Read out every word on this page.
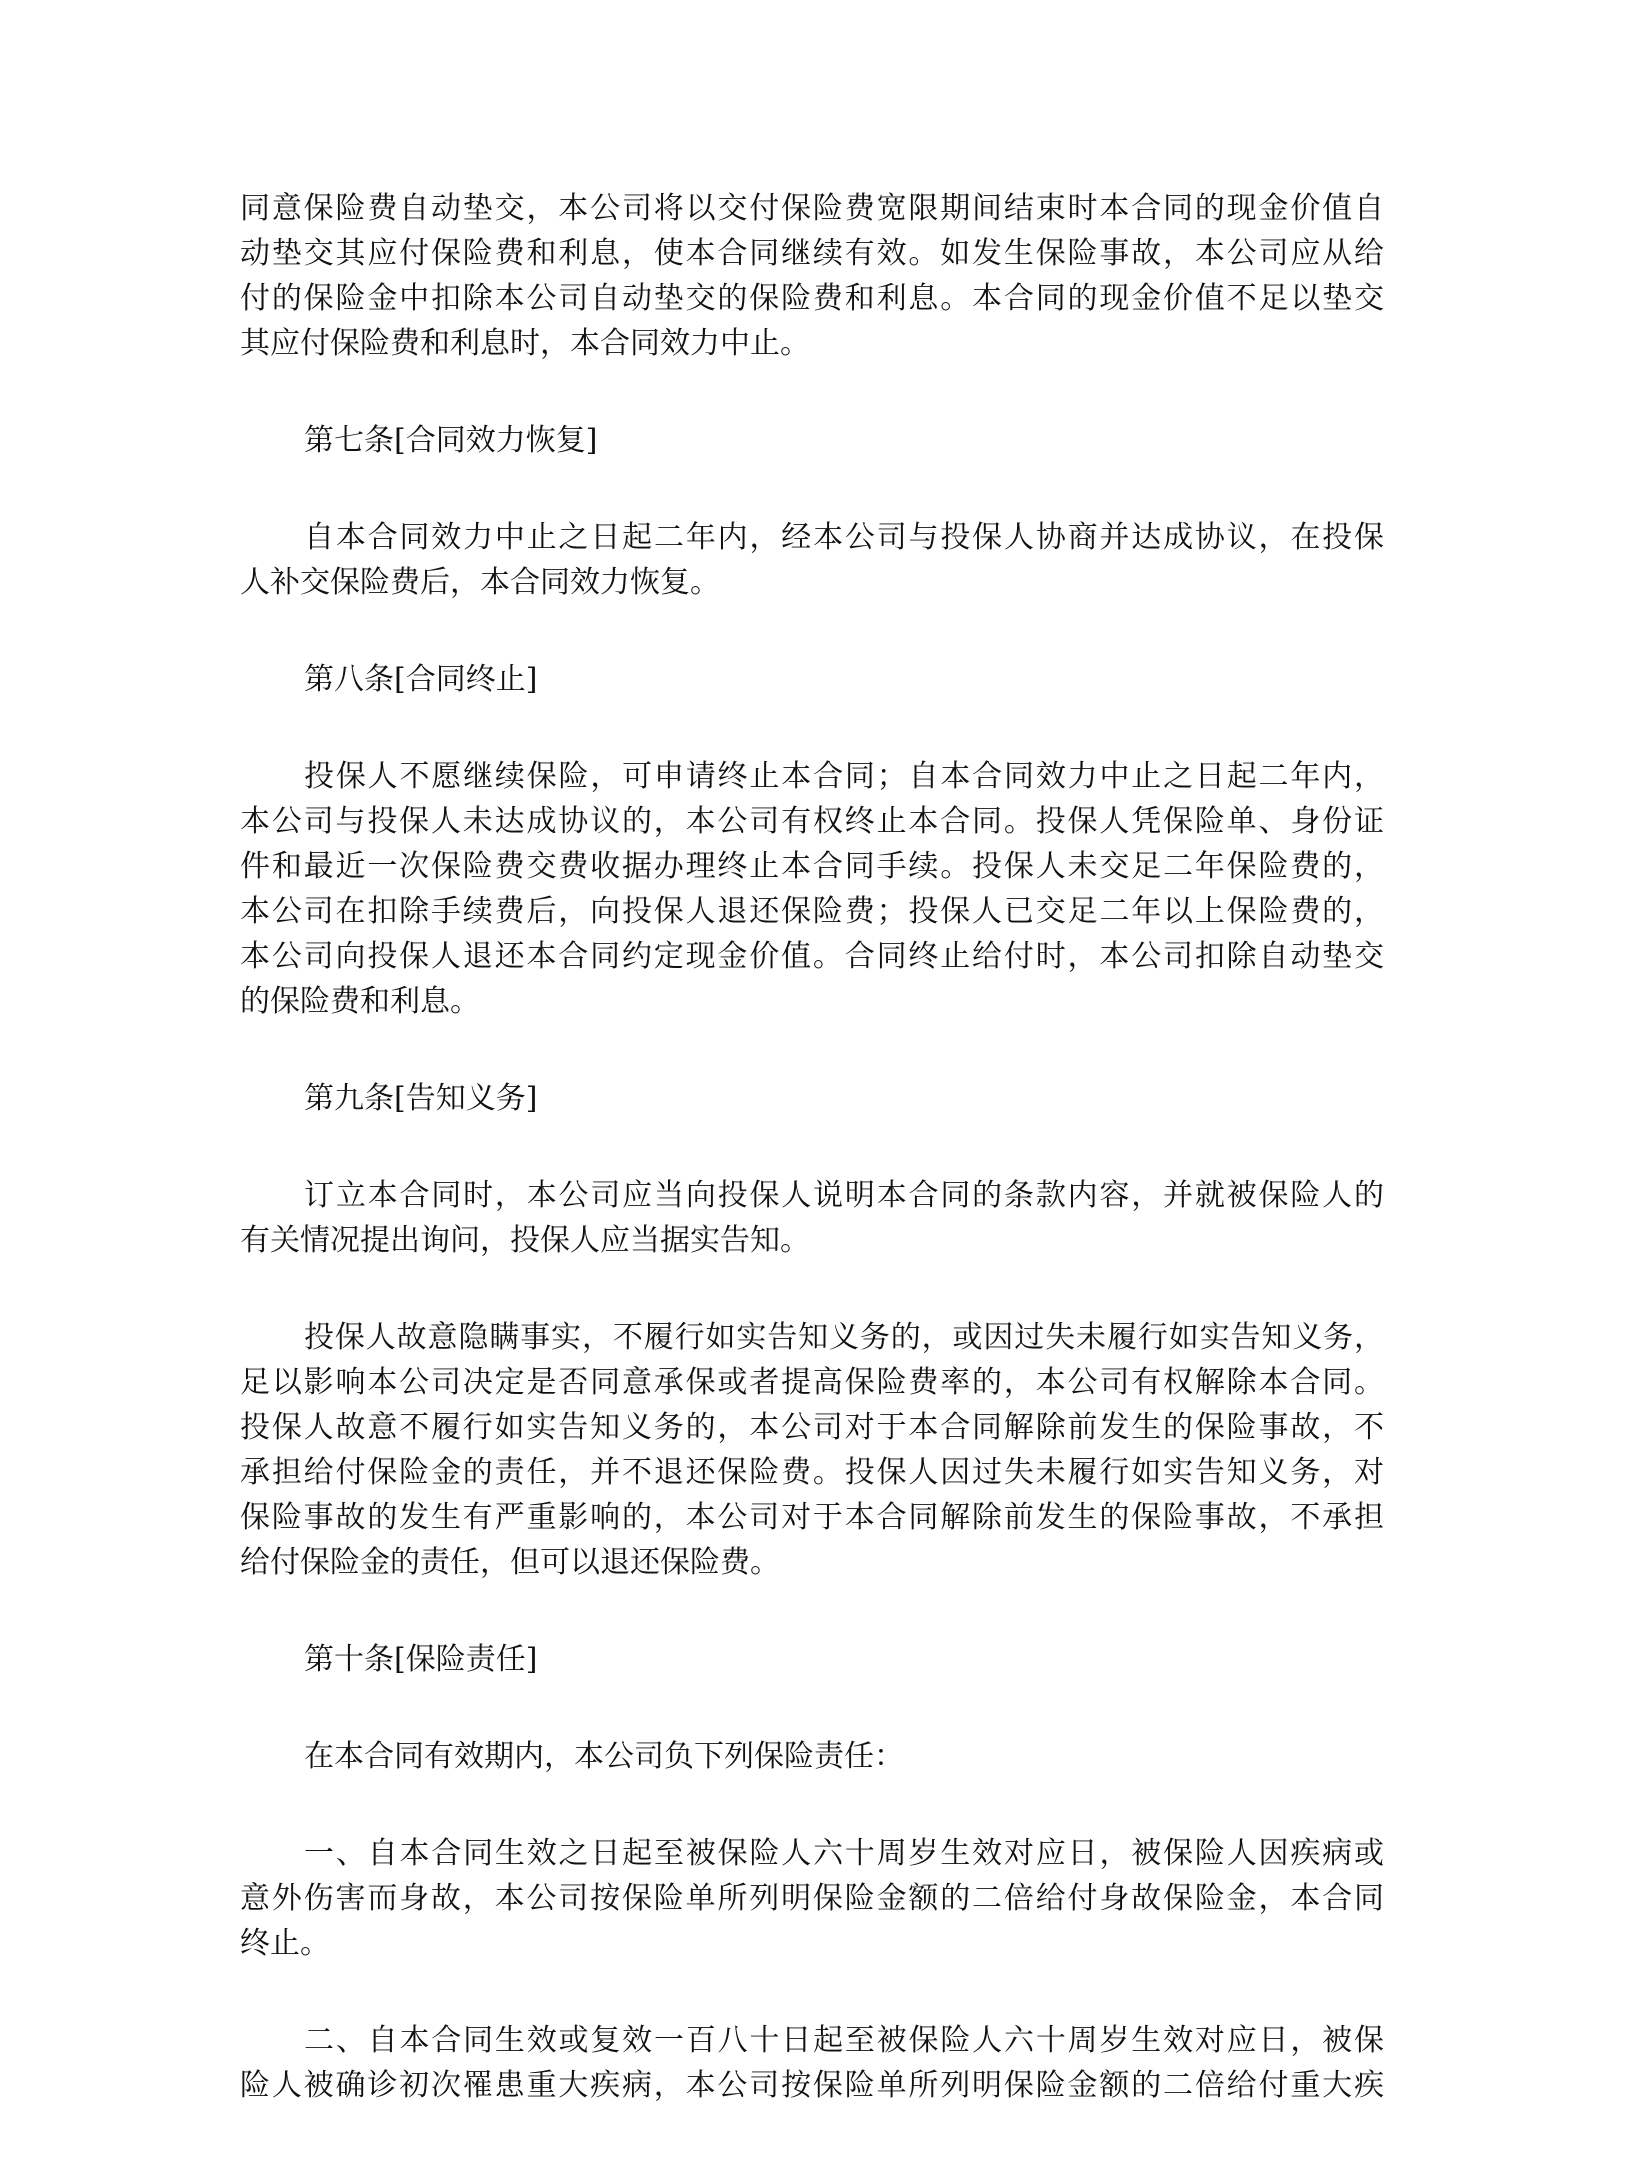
同意保险费自动垫交，本公司将以交付保险费宽限期间结束时本合同的现金价值自
动垫交其应付保险费和利息，使本合同继续有效。如发生保险事故，本公司应从给
付的保险金中扣除本公司自动垫交的保险费和利息。本合同的现金价值不足以垫交
其应付保险费和利息时，本合同效力中止。
第七条[合同效力恢复]
自本合同效力中止之日起二年内，经本公司与投保人协商并达成协议，在投保
人补交保险费后，本合同效力恢复。
第八条[合同终止]
投保人不愿继续保险，可申请终止本合同；自本合同效力中止之日起二年内，
本公司与投保人未达成协议的，本公司有权终止本合同。投保人凭保险单、身份证
件和最近一次保险费交费收据办理终止本合同手续。投保人未交足二年保险费的，
本公司在扣除手续费后，向投保人退还保险费；投保人已交足二年以上保险费的，
本公司向投保人退还本合同约定现金价值。合同终止给付时，本公司扣除自动垫交
的保险费和利息。
第九条[告知义务]
订立本合同时，本公司应当向投保人说明本合同的条款内容，并就被保险人的
有关情况提出询问，投保人应当据实告知。
投保人故意隐瞒事实，不履行如实告知义务的，或因过失未履行如实告知义务，
足以影响本公司决定是否同意承保或者提高保险费率的，本公司有权解除本合同。
投保人故意不履行如实告知义务的，本公司对于本合同解除前发生的保险事故，不
承担给付保险金的责任，并不退还保险费。投保人因过失未履行如实告知义务，对
保险事故的发生有严重影响的，本公司对于本合同解除前发生的保险事故，不承担
给付保险金的责任，但可以退还保险费。
第十条[保险责任]
在本合同有效期内，本公司负下列保险责任：
一、自本合同生效之日起至被保险人六十周岁生效对应日，被保险人因疾病或
意外伤害而身故，本公司按保险单所列明保险金额的二倍给付身故保险金，本合同
终止。
二、自本合同生效或复效一百八十日起至被保险人六十周岁生效对应日，被保
险人被确诊初次罹患重大疾病，本公司按保险单所列明保险金额的二倍给付重大疾
